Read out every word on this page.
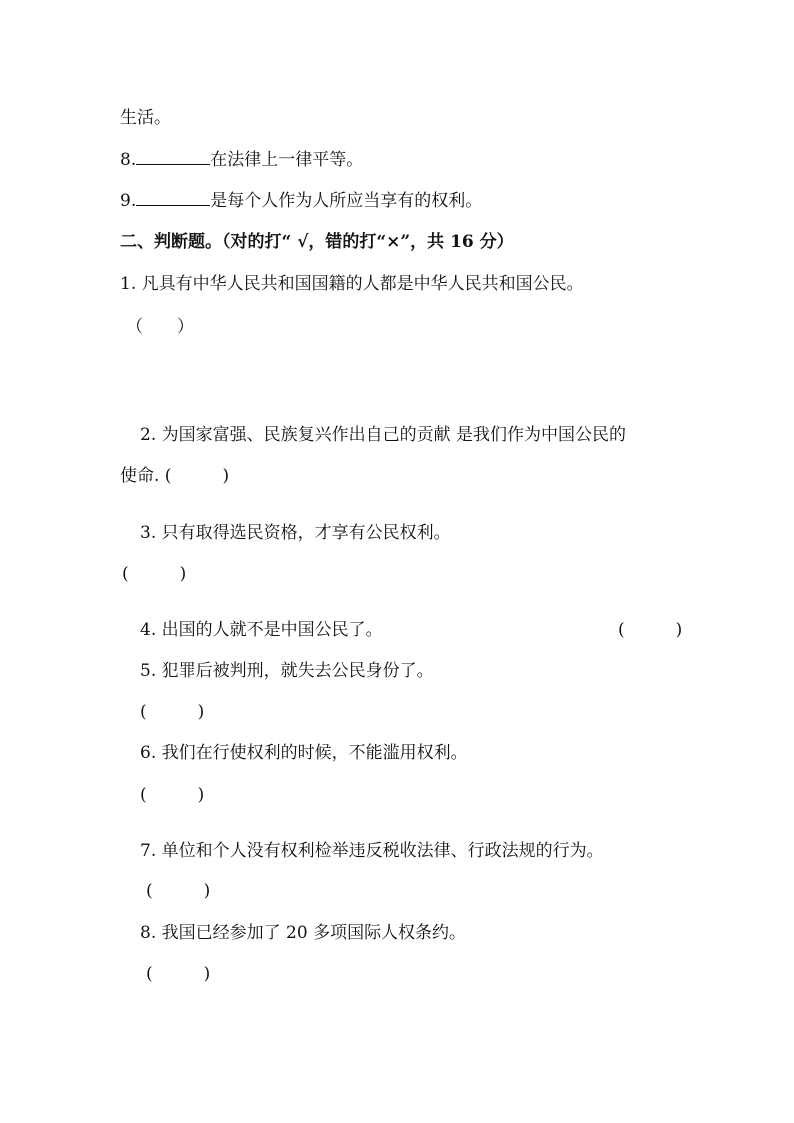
生活。
8.	在法律上一律平等。
9.	是每个人作为人所应当享有的权利。
二、判断题。（对的打“ √，错的打“×”，共 16 分）
1. 凡具有中华人民共和国国籍的人都是中华人民共和国公民。
（　　）
2. 为国家富强、民族复兴作出自己的贡献 是我们作为中国公民的
使命. (　　　)
3. 只有取得选民资格，才享有公民权利。
(　　　)
4. 出国的人就不是中国公民了。	(　　　)
5. 犯罪后被判刑，就失去公民身份了。
(　　　)
6. 我们在行使权利的时候，不能滥用权利。
(　　　)
7. 单位和个人没有权利检举违反税收法律、行政法规的行为。
(　　　)
8. 我国已经参加了 20 多项国际人权条约。
(　　　)
